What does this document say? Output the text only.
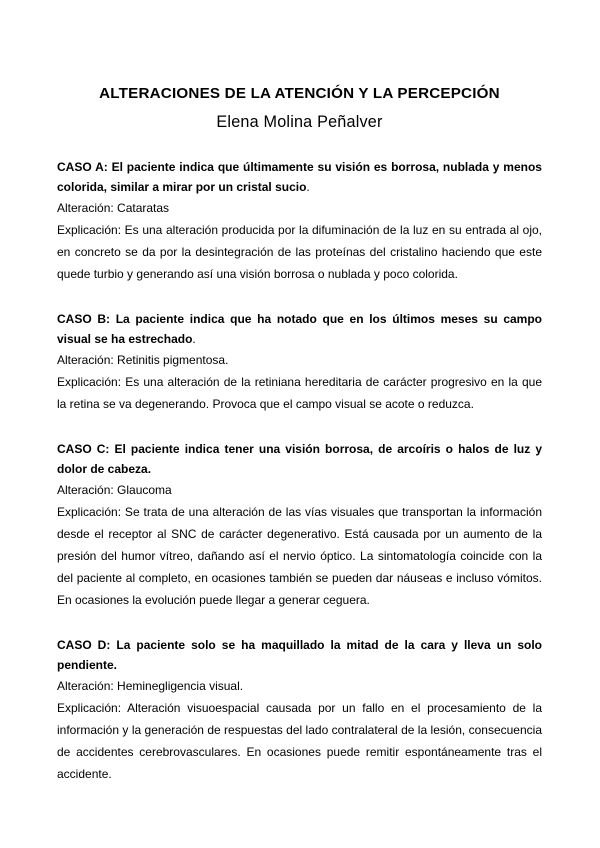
ALTERACIONES DE LA ATENCIÓN Y LA PERCEPCIÓN

Elena Molina Peñalver

CASO A: El paciente indica que últimamente su visión es borrosa, nublada y menos colorida, similar a mirar por un cristal sucio.

Alteración: Cataratas

Explicación: Es una alteración producida por la difuminación de la luz en su entrada al ojo, en concreto se da por la desintegración de las proteínas del cristalino haciendo que este quede turbio y generando así una visión borrosa o nublada y poco colorida.

CASO B: La paciente indica que ha notado que en los últimos meses su campo visual se ha estrechado.

Alteración: Retinitis pigmentosa.

Explicación: Es una alteración de la retiniana hereditaria de carácter progresivo en la que la retina se va degenerando. Provoca que el campo visual se acote o reduzca.

CASO C: El paciente indica tener una visión borrosa, de arcoíris o halos de luz y dolor de cabeza.

Alteración: Glaucoma

Explicación: Se trata de una alteración de las vías visuales que transportan la información desde el receptor al SNC de carácter degenerativo. Está causada por un aumento de la presión del humor vítreo, dañando así el nervio óptico. La sintomatología coincide con la del paciente al completo, en ocasiones también se pueden dar náuseas e incluso vómitos. En ocasiones la evolución puede llegar a generar ceguera.

CASO D: La paciente solo se ha maquillado la mitad de la cara y lleva un solo pendiente.

Alteración: Heminegligencia visual.

Explicación: Alteración visuoespacial causada por un fallo en el procesamiento de la información y la generación de respuestas del lado contralateral de la lesión, consecuencia de accidentes cerebrovasculares. En ocasiones puede remitir espontáneamente tras el accidente.
